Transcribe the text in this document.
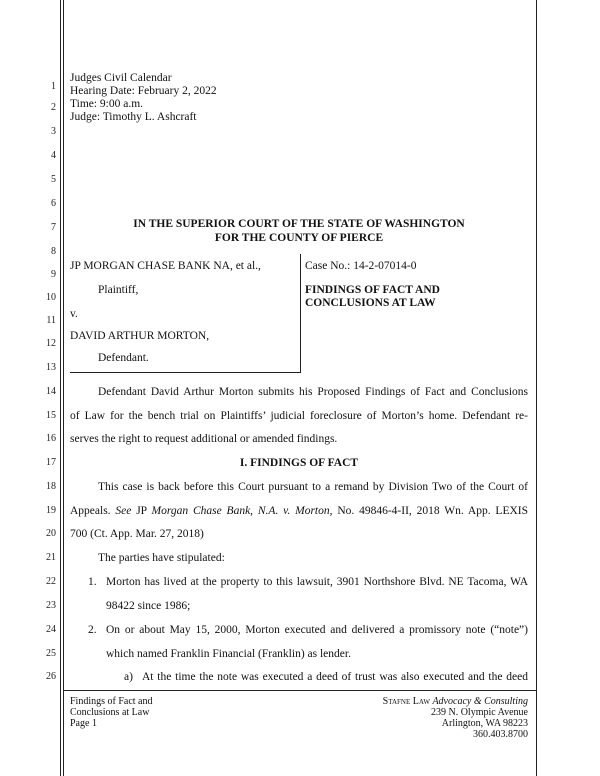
1
2
3
4
5
6
7
8
9
10
11
12
13
14
15
16
17
18
19
20
21
22
23
24
25
26
Judges Civil Calendar
Hearing Date: February 2, 2022
Time: 9:00 a.m.
Judge: Timothy L. Ashcraft
IN THE SUPERIOR COURT OF THE STATE OF WASHINGTON
FOR THE COUNTY OF PIERCE
JP MORGAN CHASE BANK NA, et al.,
Plaintiff,
v.
DAVID ARTHUR MORTON,
Defendant.
Case No.: 14-2-07014-0
FINDINGS OF FACT AND
CONCLUSIONS AT LAW
Defendant David Arthur Morton submits his Proposed Findings of Fact and Conclusions
of Law for the bench trial on Plaintiffs’ judicial foreclosure of Morton’s home. Defendant re-
serves the right to request additional or amended findings.
I. FINDINGS OF FACT
This case is back before this Court pursuant to a remand by Division Two of the Court of
Appeals. See JP Morgan Chase Bank, N.A. v. Morton, No. 49846-4-II, 2018 Wn. App. LEXIS
700 (Ct. App. Mar. 27, 2018)
The parties have stipulated:
1. Morton has lived at the property to this lawsuit, 3901 Northshore Blvd. NE Tacoma, WA
98422 since 1986;
2. On or about May 15, 2000, Morton executed and delivered a promissory note (“note”)
which named Franklin Financial (Franklin) as lender.
a) At the time the note was executed a deed of trust was also executed and the deed
Findings of Fact and
Conclusions at Law
Page 1
Stafne Law Advocacy & Consulting
239 N. Olympic Avenue
Arlington, WA 98223
360.403.8700
